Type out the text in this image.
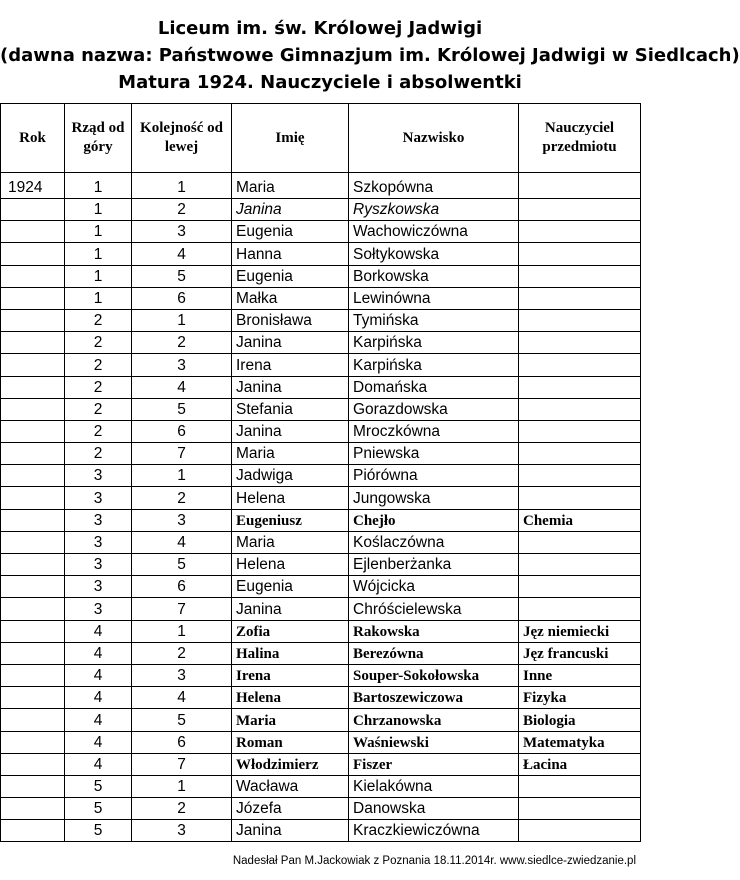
Liceum im. św. Królowej Jadwigi
(dawna nazwa: Państwowe Gimnazjum im. Królowej Jadwigi w Siedlcach)
Matura 1924. Nauczyciele i absolwentki
Rok	Rząd od góry	Kolejność od lewej	Imię	Nazwisko	Nauczyciel przedmiotu
1924	1	1	Maria	Szkopówna	
	1	2	Janina	Ryszkowska	
	1	3	Eugenia	Wachowiczówna	
	1	4	Hanna	Sołtykowska	
	1	5	Eugenia	Borkowska	
	1	6	Małka	Lewinówna	
	2	1	Bronisława	Tymińska	
	2	2	Janina	Karpińska	
	2	3	Irena	Karpińska	
	2	4	Janina	Domańska	
	2	5	Stefania	Gorazdowska	
	2	6	Janina	Mroczkówna	
	2	7	Maria	Pniewska	
	3	1	Jadwiga	Piórówna	
	3	2	Helena	Jungowska	
	3	3	Eugeniusz	Chejło	Chemia
	3	4	Maria	Koślaczówna	
	3	5	Helena	Ejlenberżanka	
	3	6	Eugenia	Wójcicka	
	3	7	Janina	Chróścielewska	
	4	1	Zofia	Rakowska	Jęz niemiecki
	4	2	Halina	Berezówna	Jęz francuski
	4	3	Irena	Souper-Sokołowska	Inne
	4	4	Helena	Bartoszewiczowa	Fizyka
	4	5	Maria	Chrzanowska	Biologia
	4	6	Roman	Waśniewski	Matematyka
	4	7	Włodzimierz	Fiszer	Łacina
	5	1	Wacława	Kielakówna	
	5	2	Józefa	Danowska	
	5	3	Janina	Kraczkiewiczówna	
Nadesłał Pan M.Jackowiak z Poznania 18.11.2014r. www.siedlce-zwiedzanie.pl
